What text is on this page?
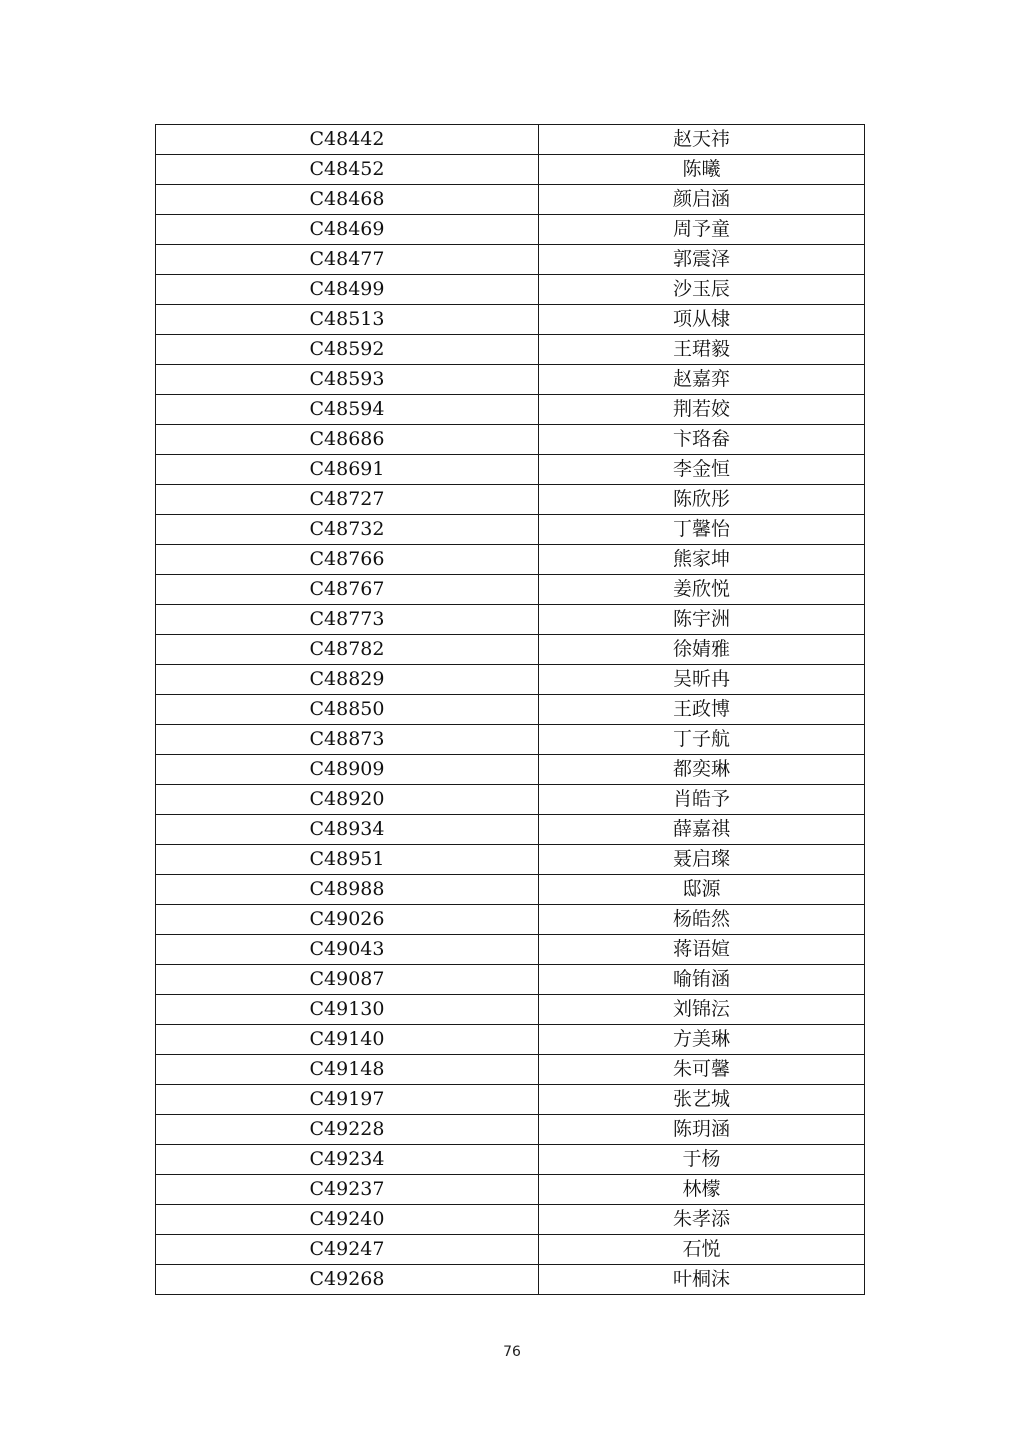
C48442	赵天祎
C48452	陈曦
C48468	颜启涵
C48469	周予童
C48477	郭震泽
C48499	沙玉辰
C48513	项从棣
C48592	王珺毅
C48593	赵嘉弈
C48594	荆若姣
C48686	卞珞畚
C48691	李金恒
C48727	陈欣彤
C48732	丁馨怡
C48766	熊家坤
C48767	姜欣悦
C48773	陈宇洲
C48782	徐婧雅
C48829	吴昕冉
C48850	王政博
C48873	丁子航
C48909	都奕琳
C48920	肖皓予
C48934	薛嘉祺
C48951	聂启璨
C48988	邸源
C49026	杨皓然
C49043	蒋语媗
C49087	喻铕涵
C49130	刘锦沄
C49140	方美琳
C49148	朱可馨
C49197	张艺城
C49228	陈玥涵
C49234	于杨
C49237	林檬
C49240	朱孝添
C49247	石悦
C49268	叶桐沫
76
